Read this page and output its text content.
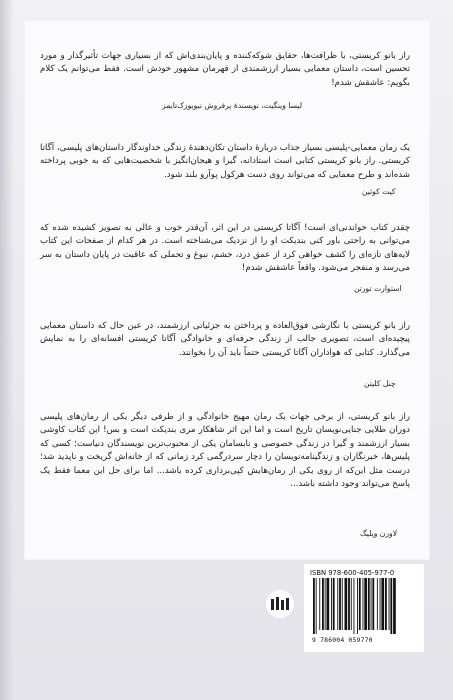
راز بانو کریستی، با ظرافت‌ها، حقایق شوکه‌کننده و پایان‌بندی‌اش که از بسیاری جهات تأثیرگذار و مورد تحسین است، داستان معمایی بسیار ارزشمندی از قهرمان مشهور خودش است. فقط می‌توانم یک کلام بگویم: عاشقش شدم!
لیسا وینگیت، نویسندهٔ پرفروش نیویورک‌تایمز
یک رمان معمایی-پلیسی بسیار جذاب دربارهٔ داستان تکان‌دهندهٔ زندگی خداوندگار داستان‌های پلیسی، آگاتا کریستی. راز بانو کریستی کتابی است استادانه، گیرا و هیجان‌انگیز با شخصیت‌هایی که به خوبی پرداخته شده‌اند و طرح معمایی که می‌تواند روی دست هرکول پوآرو بلند شود.
کیت کوئین
چقدر کتاب خواندنی‌ای است! آگاتا کریستی در این اثر، آن‌قدر خوب و عالی به تصویر کشیده شده که می‌توانی به راحتی باور کنی بندیکت او را از نزدیک می‌شناخته است. در هر کدام از صفحات این کتاب لایه‌های تازه‌ای را کشف خواهی کرد از عمق درد، خشم، نبوغ و تحملی که عاقبت در پایان داستان به سر می‌رسد و منفجر می‌شود. واقعاً عاشقش شدم!
استوارت تورتن
راز بانو کریستی با نگارشی فوق‌العاده و پرداختن به جزئیاتی ارزشمند، در عین حال که داستان معمایی پیچیده‌ای است، تصویری جالب از زندگی حرفه‌ای و خانوادگی آگاتا کریستی افسانه‌ای را به نمایش می‌گذارد. کتابی که هواداران آگاتا کریستی حتماً باید آن را بخوانند.
چنل کلیتن
راز بانو کریستی، از برخی جهات یک رمان مهیج خانوادگی و از طرفی دیگر یکی از رمان‌های پلیسی دوران طلایی جنایی‌نویسان تاریخ است و اما این اثر شاهکار مری بندیکت است و بس! این کتاب کاوشی بسیار ارزشمند و گیرا در زندگی خصوصی و نابسامان یکی از محبوب‌ترین نویسندگان دنیاست؛ کسی که پلیس‌ها، خبرنگاران و زندگینامه‌نویسان را دچار سردرگمی کرد زمانی که از خانه‌اش گریخت و ناپدید شد؛ درست مثل این‌که از روی یکی از رمان‌هایش کپی‌برداری کرده باشد... اما برای حل این معما فقط یک پاسخ می‌تواند وجود داشته باشد...
لاورن ویلیگ
ISBN 978-600-405-977-0
9 786004 059770
